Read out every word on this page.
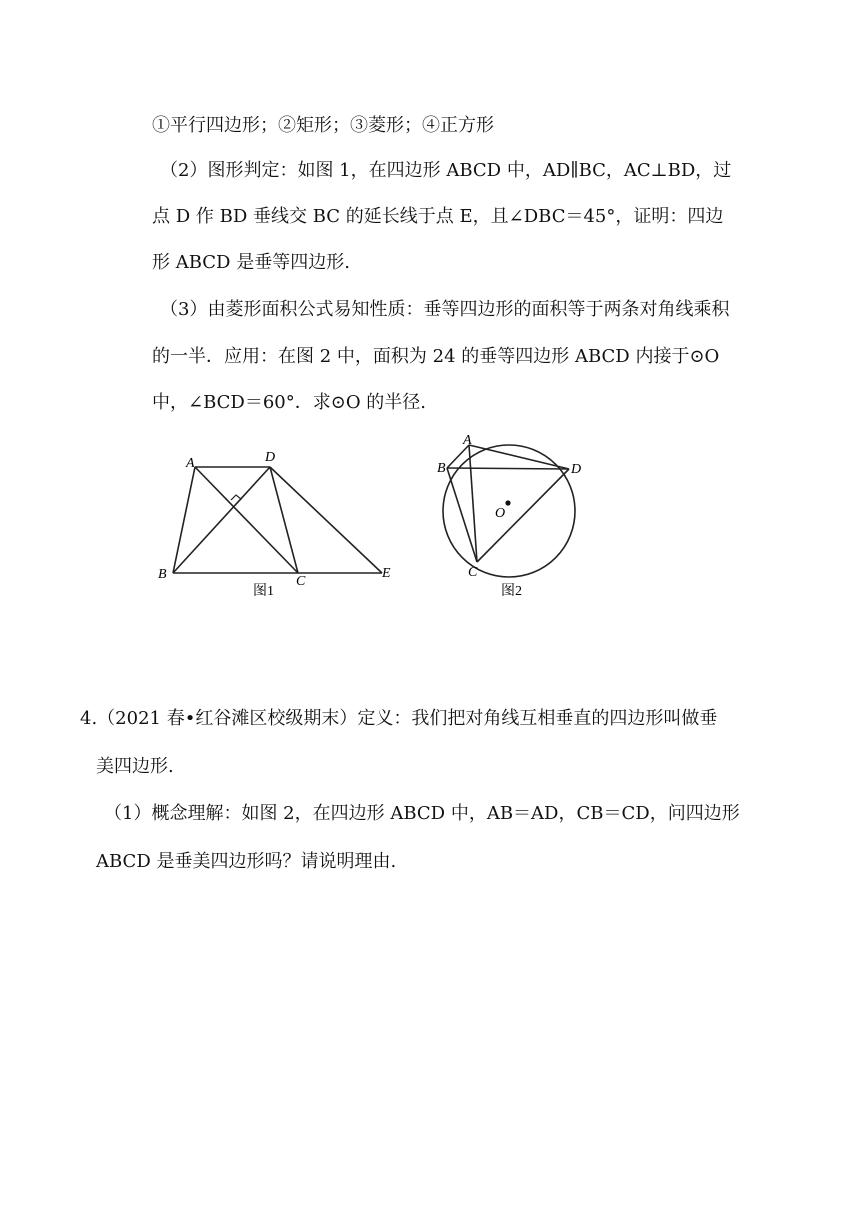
①平行四边形；②矩形；③菱形；④正方形
（2）图形判定：如图 1，在四边形 ABCD 中，AD∥BC，AC⊥BD，过
点 D 作 BD 垂线交 BC 的延长线于点 E，且∠DBC＝45°，证明：四边
形 ABCD 是垂等四边形.
（3）由菱形面积公式易知性质：垂等四边形的面积等于两条对角线乘积
的一半．应用：在图 2 中，面积为 24 的垂等四边形 ABCD 内接于⊙O
中，∠BCD＝60°．求⊙O 的半径.
A	D
B	C
E
图1
A
B	D
C
O
图2
4.（2021 春•红谷滩区校级期末）定义：我们把对角线互相垂直的四边形叫做垂
美四边形.
（1）概念理解：如图 2，在四边形 ABCD 中，AB＝AD，CB＝CD，问四边形
ABCD 是垂美四边形吗？请说明理由.
